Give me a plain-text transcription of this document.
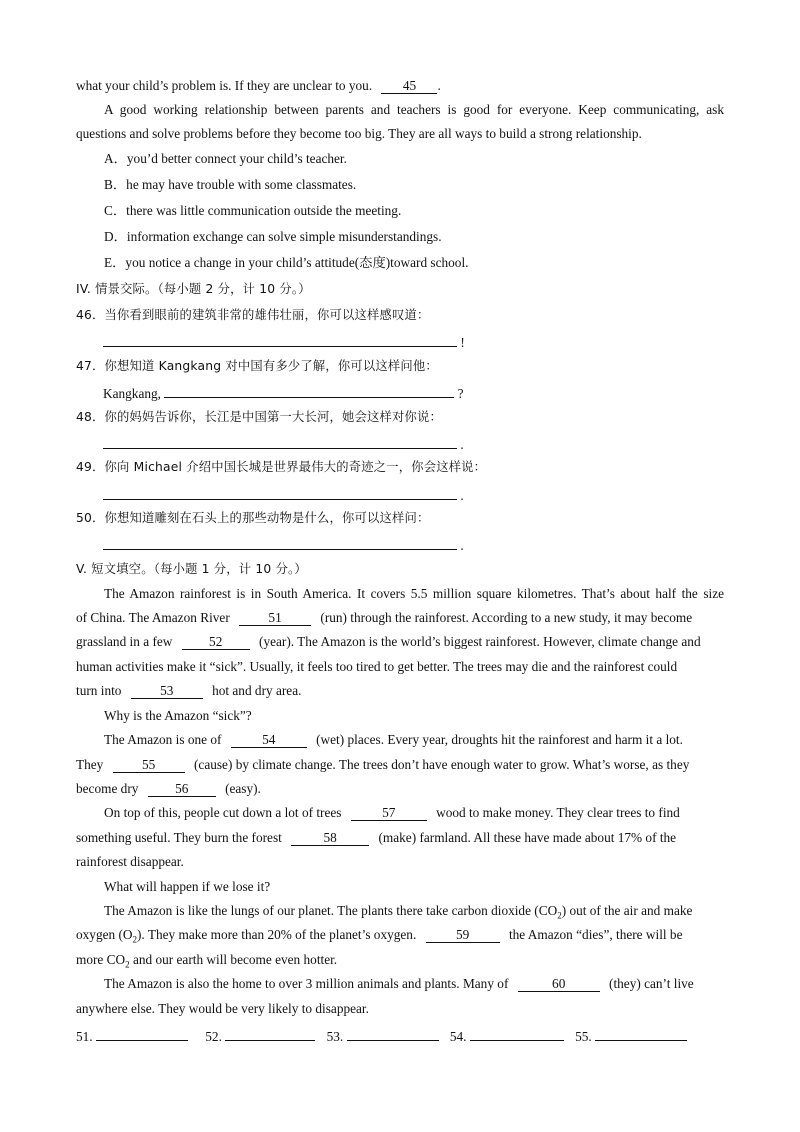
what your child’s problem is. If they are unclear to you. 45 .
A good working relationship between parents and teachers is good for everyone. Keep communicating, ask
questions and solve problems before they become too big. They are all ways to build a strong relationship.
A．you’d better connect your child’s teacher.
B．he may have trouble with some classmates.
C．there was little communication outside the meeting.
D．information exchange can solve simple misunderstandings.
E．you notice a change in your child’s attitude(态度)toward school.
IV. 情景交际。（每小题 2 分，计 10 分。）
46．当你看到眼前的建筑非常的雄伟壮丽，你可以这样感叹道：
!
47．你想知道 Kangkang 对中国有多少了解，你可以这样问他：
Kangkang,	?
48．你的妈妈告诉你，长江是中国第一大长河，她会这样对你说：
.
49．你向 Michael 介绍中国长城是世界最伟大的奇迹之一，你会这样说：
.
50．你想知道雕刻在石头上的那些动物是什么，你可以这样问：
.
V. 短文填空。（每小题 1 分，计 10 分。）
The Amazon rainforest is in South America. It covers 5.5 million square kilometres. That’s about half the size
of China. The Amazon River	51	(run) through the rainforest. According to a new study, it may become
grassland in a few	52	(year). The Amazon is the world’s biggest rainforest. However, climate change and
human activities make it “sick”. Usually, it feels too tired to get better. The trees may die and the rainforest could
turn into	53	hot and dry area.
Why is the Amazon “sick”?
The Amazon is one of	54	(wet) places. Every year, droughts hit the rainforest and harm it a lot.
They	55	(cause) by climate change. The trees don’t have enough water to grow. What’s worse, as they
become dry	56	(easy).
On top of this, people cut down a lot of trees	57	wood to make money. They clear trees to find
something useful. They burn the forest	58	(make) farmland. All these have made about 17% of the
rainforest disappear.
What will happen if we lose it?
The Amazon is like the lungs of our planet. The plants there take carbon dioxide $(CO_2)$ out of the air and make
oxygen $(O_2)$. They make more than 20% of the planet’s oxygen.	59	the Amazon “dies”, there will be
more $CO_2$ and our earth will become even hotter.
The Amazon is also the home to over 3 million animals and plants. Many of	60	(they) can’t live
anywhere else. They would be very likely to disappear.
51.	52.	53.	54.	55.
